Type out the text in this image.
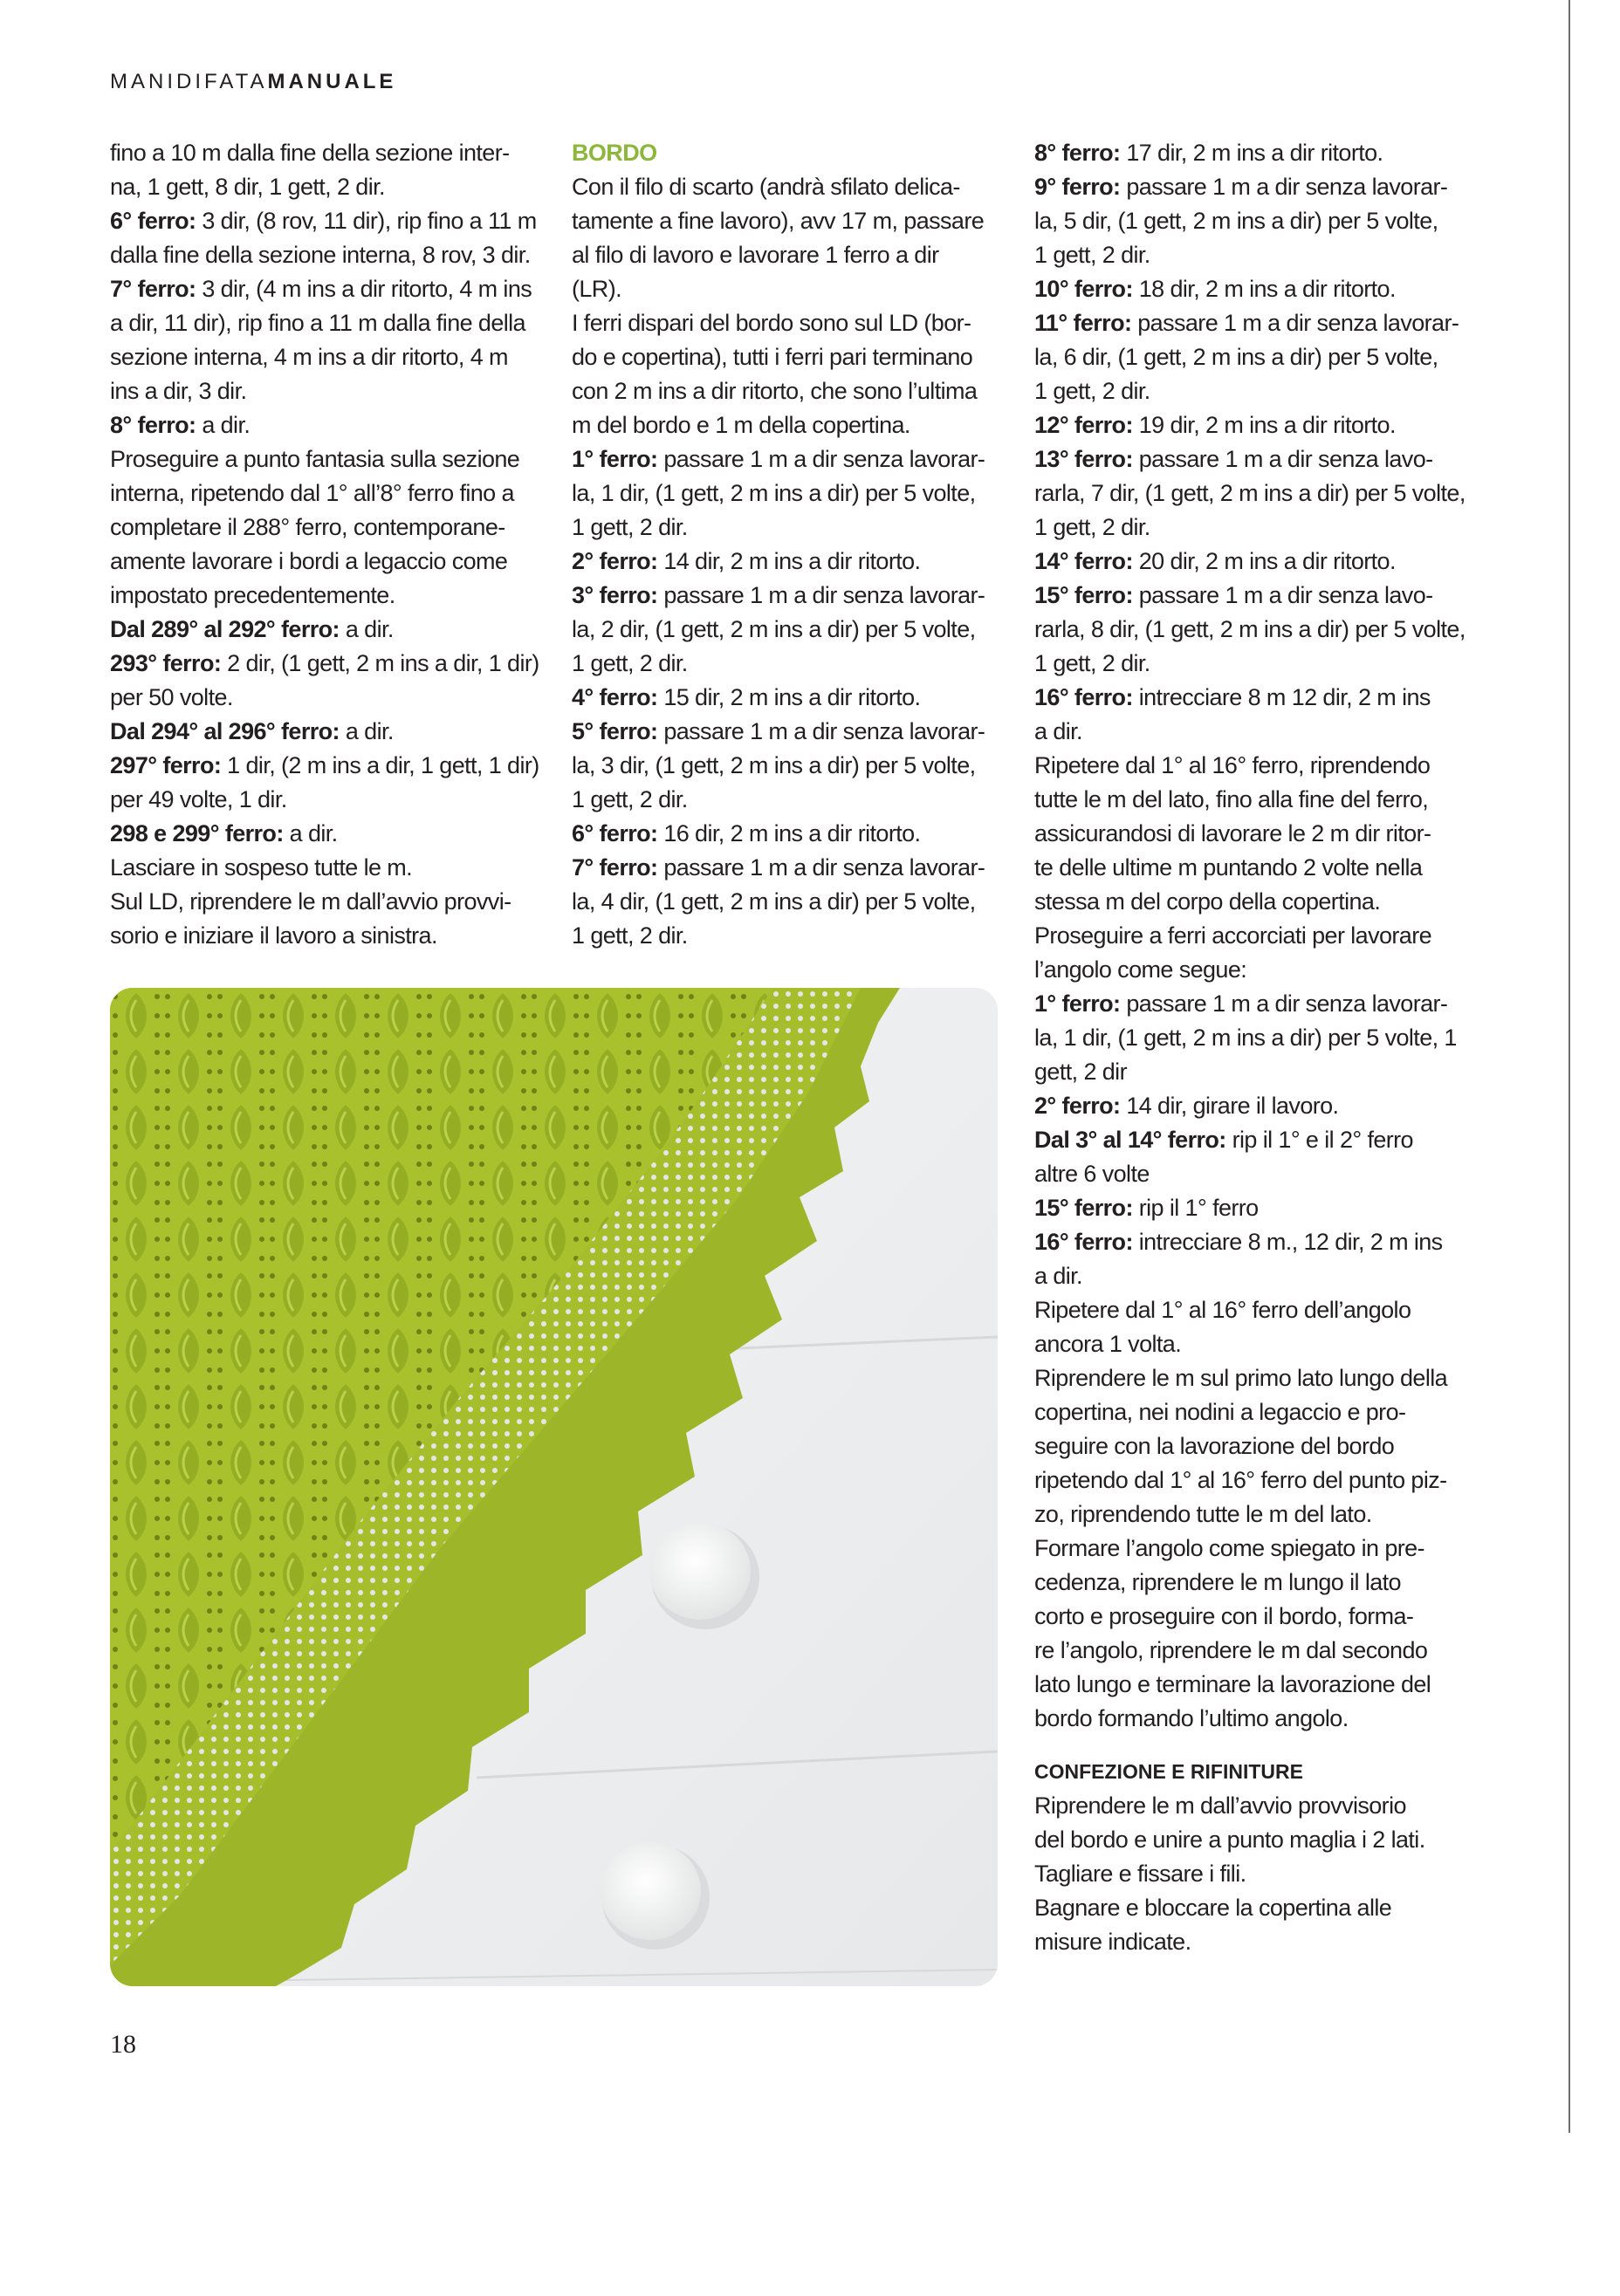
MANIDIFATAMANUALE
fino a 10 m dalla fine della sezione inter-
na, 1 gett, 8 dir, 1 gett, 2 dir.
6° ferro: 3 dir, (8 rov, 11 dir), rip fino a 11 m
dalla fine della sezione interna, 8 rov, 3 dir.
7° ferro: 3 dir, (4 m ins a dir ritorto, 4 m ins
a dir, 11 dir), rip fino a 11 m dalla fine della
sezione interna, 4 m ins a dir ritorto, 4 m
ins a dir, 3 dir.
8° ferro: a dir.
Proseguire a punto fantasia sulla sezione
interna, ripetendo dal 1° all’8° ferro fino a
completare il 288° ferro, contemporane-
amente lavorare i bordi a legaccio come
impostato precedentemente.
Dal 289° al 292° ferro: a dir.
293° ferro: 2 dir, (1 gett, 2 m ins a dir, 1 dir)
per 50 volte.
Dal 294° al 296° ferro: a dir.
297° ferro: 1 dir, (2 m ins a dir, 1 gett, 1 dir)
per 49 volte, 1 dir.
298 e 299° ferro: a dir.
Lasciare in sospeso tutte le m.
Sul LD, riprendere le m dall’avvio provvi-
sorio e iniziare il lavoro a sinistra.
BORDO
Con il filo di scarto (andrà sfilato delica-
tamente a fine lavoro), avv 17 m, passare
al filo di lavoro e lavorare 1 ferro a dir
(LR).
I ferri dispari del bordo sono sul LD (bor-
do e copertina), tutti i ferri pari terminano
con 2 m ins a dir ritorto, che sono l’ultima
m del bordo e 1 m della copertina.
1° ferro: passare 1 m a dir senza lavorar-
la, 1 dir, (1 gett, 2 m ins a dir) per 5 volte,
1 gett, 2 dir.
2° ferro: 14 dir, 2 m ins a dir ritorto.
3° ferro: passare 1 m a dir senza lavorar-
la, 2 dir, (1 gett, 2 m ins a dir) per 5 volte,
1 gett, 2 dir.
4° ferro: 15 dir, 2 m ins a dir ritorto.
5° ferro: passare 1 m a dir senza lavorar-
la, 3 dir, (1 gett, 2 m ins a dir) per 5 volte,
1 gett, 2 dir.
6° ferro: 16 dir, 2 m ins a dir ritorto.
7° ferro: passare 1 m a dir senza lavorar-
la, 4 dir, (1 gett, 2 m ins a dir) per 5 volte,
1 gett, 2 dir.
8° ferro: 17 dir, 2 m ins a dir ritorto.
9° ferro: passare 1 m a dir senza lavorar-
la, 5 dir, (1 gett, 2 m ins a dir) per 5 volte,
1 gett, 2 dir.
10° ferro: 18 dir, 2 m ins a dir ritorto.
11° ferro: passare 1 m a dir senza lavorar-
la, 6 dir, (1 gett, 2 m ins a dir) per 5 volte,
1 gett, 2 dir.
12° ferro: 19 dir, 2 m ins a dir ritorto.
13° ferro: passare 1 m a dir senza lavo-
rarla, 7 dir, (1 gett, 2 m ins a dir) per 5 volte,
1 gett, 2 dir.
14° ferro: 20 dir, 2 m ins a dir ritorto.
15° ferro: passare 1 m a dir senza lavo-
rarla, 8 dir, (1 gett, 2 m ins a dir) per 5 volte,
1 gett, 2 dir.
16° ferro: intrecciare 8 m 12 dir, 2 m ins
a dir.
Ripetere dal 1° al 16° ferro, riprendendo
tutte le m del lato, fino alla fine del ferro,
assicurandosi di lavorare le 2 m dir ritor-
te delle ultime m puntando 2 volte nella
stessa m del corpo della copertina.
Proseguire a ferri accorciati per lavorare
l’angolo come segue:
1° ferro: passare 1 m a dir senza lavorar-
la, 1 dir, (1 gett, 2 m ins a dir) per 5 volte, 1
gett, 2 dir
2° ferro: 14 dir, girare il lavoro.
Dal 3° al 14° ferro: rip il 1° e il 2° ferro
altre 6 volte
15° ferro: rip il 1° ferro
16° ferro: intrecciare 8 m., 12 dir, 2 m ins
a dir.
Ripetere dal 1° al 16° ferro dell’angolo
ancora 1 volta.
Riprendere le m sul primo lato lungo della
copertina, nei nodini a legaccio e pro-
seguire con la lavorazione del bordo
ripetendo dal 1° al 16° ferro del punto piz-
zo, riprendendo tutte le m del lato.
Formare l’angolo come spiegato in pre-
cedenza, riprendere le m lungo il lato
corto e proseguire con il bordo, forma-
re l’angolo, riprendere le m dal secondo
lato lungo e terminare la lavorazione del
bordo formando l’ultimo angolo.
CONFEZIONE E RIFINITURE
Riprendere le m dall’avvio provvisorio
del bordo e unire a punto maglia i 2 lati.
Tagliare e fissare i fili.
Bagnare e bloccare la copertina alle
misure indicate.
18
